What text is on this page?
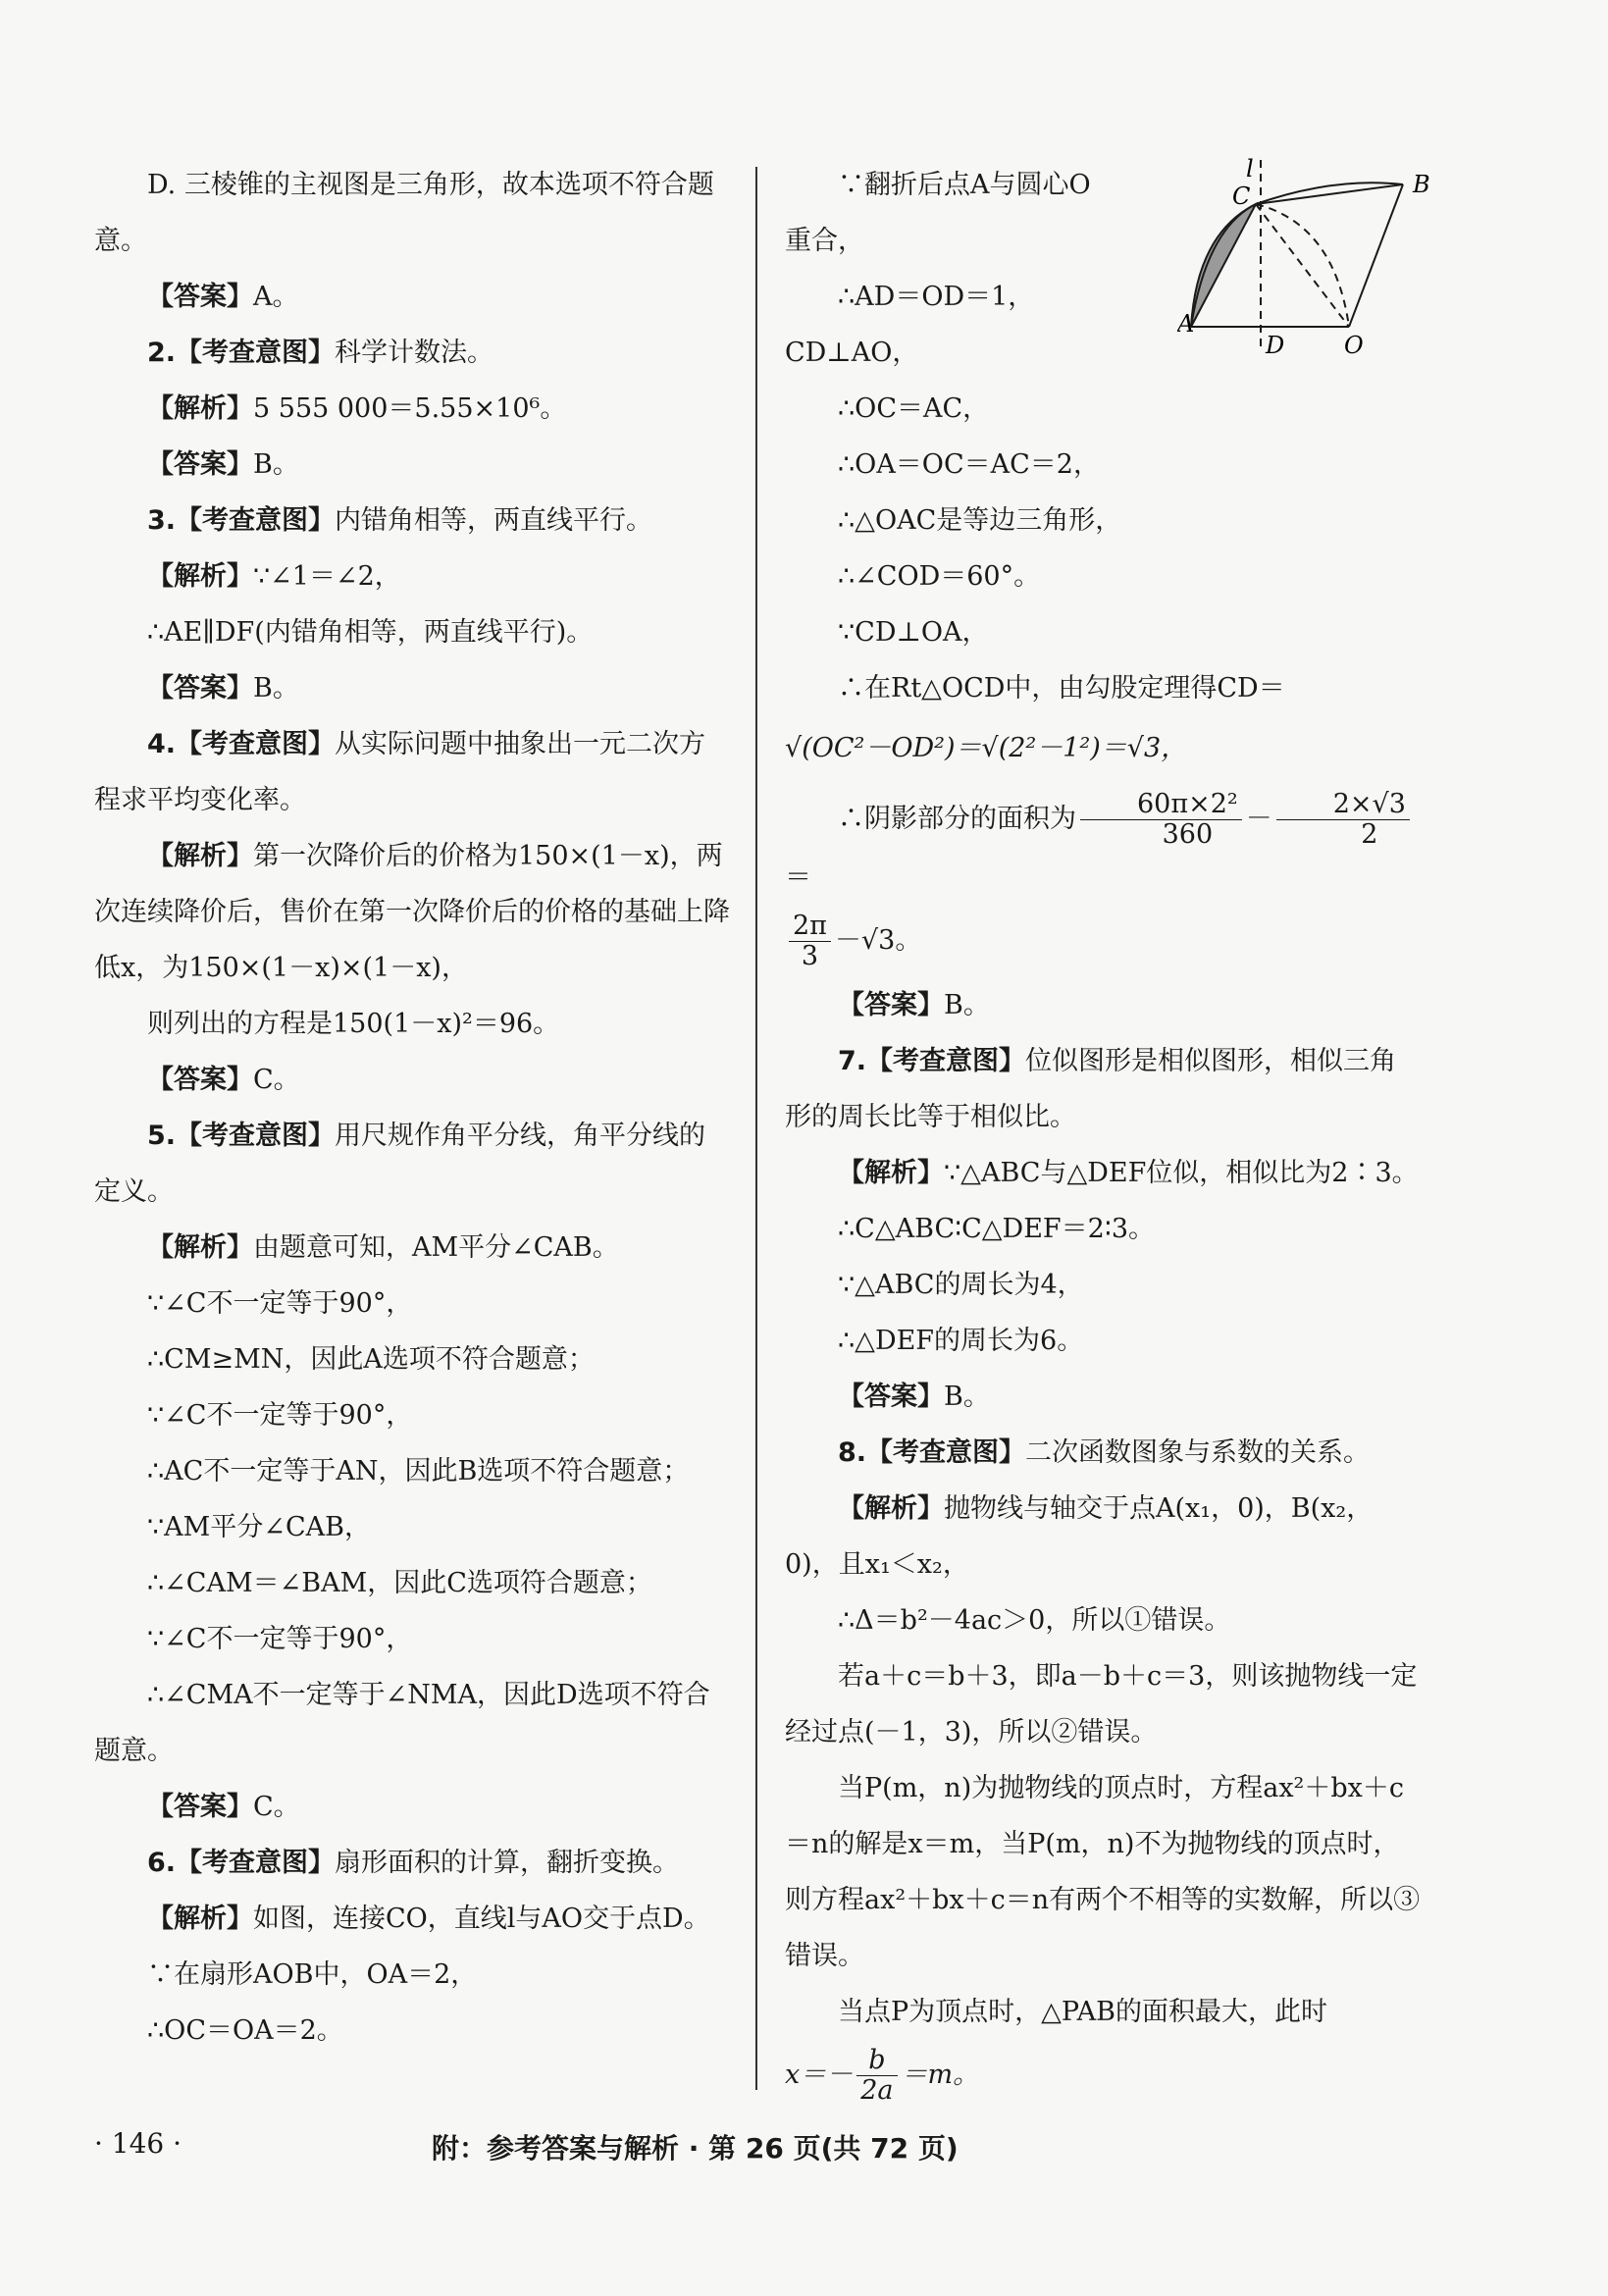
D. 三棱锥的主视图是三角形，故本选项不符合题意。

【答案】A。

2.【考查意图】科学计数法。

【解析】5 555 000＝5.55×10⁶。

【答案】B。

3.【考查意图】内错角相等，两直线平行。

【解析】∵∠1＝∠2，

∴AE∥DF(内错角相等，两直线平行)。

【答案】B。

4.【考查意图】从实际问题中抽象出一元二次方程求平均变化率。

【解析】第一次降价后的价格为150×(1－x)，两次连续降价后，售价在第一次降价后的价格的基础上降低x，为150×(1－x)×(1－x)，

则列出的方程是150(1－x)²＝96。

【答案】C。

5.【考查意图】用尺规作角平分线，角平分线的定义。

【解析】由题意可知，AM平分∠CAB。

∵∠C不一定等于90°，

∴CM≥MN，因此A选项不符合题意；

∵∠C不一定等于90°，

∴AC不一定等于AN，因此B选项不符合题意；

∵AM平分∠CAB，

∴∠CAM＝∠BAM，因此C选项符合题意；

∵∠C不一定等于90°，

∴∠CMA不一定等于∠NMA，因此D选项不符合题意。

【答案】C。

6.【考查意图】扇形面积的计算，翻折变换。

【解析】如图，连接CO，直线l与AO交于点D。

∵在扇形AOB中，OA＝2，

∴OC＝OA＝2。

∵翻折后点A与圆心O

重合，

∴AD＝OD＝1，CD⊥AO，

∴OC＝AC，

∴OA＝OC＝AC＝2，

∴△OAC是等边三角形，

∴∠COD＝60°。

∵CD⊥OA，

∴在Rt△OCD中，由勾股定理得CD＝

√(OC²－OD²)＝√(2²－1²)＝√3，

∴阴影部分的面积为 $\frac{\text{60π×2²}}{360} - \frac{2\times√3}{2}$
＝

$\frac{2\pi}{3} -√3$。

【答案】B。

7.【考查意图】位似图形是相似图形，相似三角形的周长比等于相似比。

【解析】∵△ABC与△DEF位似，相似比为2∶3。

∴C△ABC∶C△DEF＝2∶3。

∵△ABC的周长为4，

∴△DEF的周长为6。

【答案】B。

8.【考查意图】二次函数图象与系数的关系。

【解析】抛物线与轴交于点A(x₁，0)，B(x₂，0)，且x₁＜x₂，

∴Δ＝b²－4ac＞0，所以①错误。

若a＋c＝b＋3，即a－b＋c＝3，则该抛物线一定经过点(－1，3)，所以②错误。

当P(m，n)为抛物线的顶点时，方程ax²＋bx＋c＝n的解是x＝m，当P(m，n)不为抛物线的顶点时，则方程ax²＋bx＋c＝n有两个不相等的实数解，所以③错误。

当点P为顶点时，△PAB的面积最大，此时

$x=- \frac{b}{2a} =m$。

l
C	B
A
D	O
· 146 ·	附：参考答案与解析 · 第 26 页(共 72 页)
